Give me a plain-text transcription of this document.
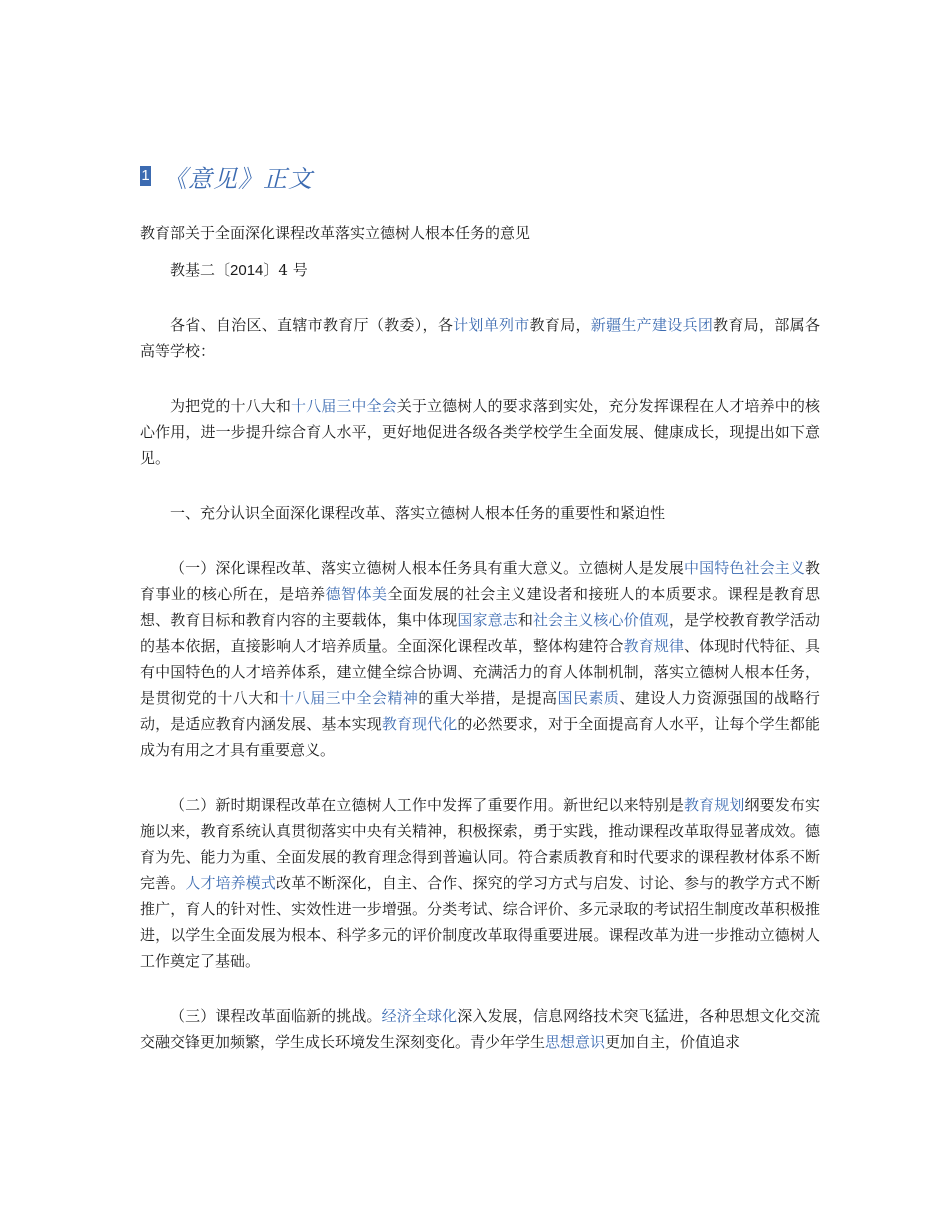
1 《意见》正文

教育部关于全面深化课程改革落实立德树人根本任务的意见

教基二〔2014〕4 号

各省、自治区、直辖市教育厅（教委），各计划单列市教育局，新疆生产建设兵团教育局，部属各高等学校：

为把党的十八大和十八届三中全会关于立德树人的要求落到实处，充分发挥课程在人才培养中的核心作用，进一步提升综合育人水平，更好地促进各级各类学校学生全面发展、健康成长，现提出如下意见。

一、充分认识全面深化课程改革、落实立德树人根本任务的重要性和紧迫性

（一）深化课程改革、落实立德树人根本任务具有重大意义。立德树人是发展中国特色社会主义教育事业的核心所在，是培养德智体美全面发展的社会主义建设者和接班人的本质要求。课程是教育思想、教育目标和教育内容的主要载体，集中体现国家意志和社会主义核心价值观，是学校教育教学活动的基本依据，直接影响人才培养质量。全面深化课程改革，整体构建符合教育规律、体现时代特征、具有中国特色的人才培养体系，建立健全综合协调、充满活力的育人体制机制，落实立德树人根本任务，是贯彻党的十八大和十八届三中全会精神的重大举措，是提高国民素质、建设人力资源强国的战略行动，是适应教育内涵发展、基本实现教育现代化的必然要求，对于全面提高育人水平，让每个学生都能成为有用之才具有重要意义。

（二）新时期课程改革在立德树人工作中发挥了重要作用。新世纪以来特别是教育规划纲要发布实施以来，教育系统认真贯彻落实中央有关精神，积极探索，勇于实践，推动课程改革取得显著成效。德育为先、能力为重、全面发展的教育理念得到普遍认同。符合素质教育和时代要求的课程教材体系不断完善。人才培养模式改革不断深化，自主、合作、探究的学习方式与启发、讨论、参与的教学方式不断推广，育人的针对性、实效性进一步增强。分类考试、综合评价、多元录取的考试招生制度改革积极推进，以学生全面发展为根本、科学多元的评价制度改革取得重要进展。课程改革为进一步推动立德树人工作奠定了基础。

（三）课程改革面临新的挑战。经济全球化深入发展，信息网络技术突飞猛进，各种思想文化交流交融交锋更加频繁，学生成长环境发生深刻变化。青少年学生思想意识更加自主，价值追求
